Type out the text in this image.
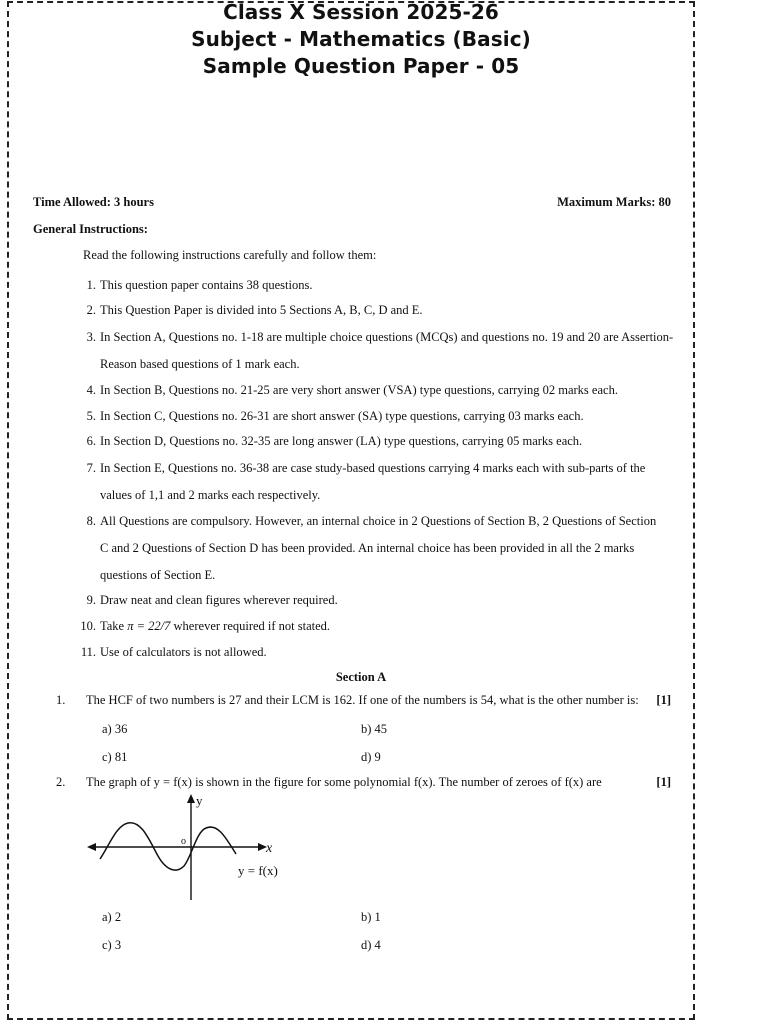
Class X Session 2025-26
Subject - Mathematics (Basic)
Sample Question Paper - 05
Time Allowed: 3 hours	Maximum Marks: 80
General Instructions:
Read the following instructions carefully and follow them:
1. This question paper contains 38 questions.
2. This Question Paper is divided into 5 Sections A, B, C, D and E.
3. In Section A, Questions no. 1-18 are multiple choice questions (MCQs) and questions no. 19 and 20 are Assertion-
Reason based questions of 1 mark each.
4. In Section B, Questions no. 21-25 are very short answer (VSA) type questions, carrying 02 marks each.
5. In Section C, Questions no. 26-31 are short answer (SA) type questions, carrying 03 marks each.
6. In Section D, Questions no. 32-35 are long answer (LA) type questions, carrying 05 marks each.
7. In Section E, Questions no. 36-38 are case study-based questions carrying 4 marks each with sub-parts of the
values of 1,1 and 2 marks each respectively.
8. All Questions are compulsory. However, an internal choice in 2 Questions of Section B, 2 Questions of Section
C and 2 Questions of Section D has been provided. An internal choice has been provided in all the 2 marks
questions of Section E.
9. Draw neat and clean figures wherever required.
10. Take π = 22/7 wherever required if not stated.
11. Use of calculators is not allowed.
Section A
1. The HCF of two numbers is 27 and their LCM is 162. If one of the numbers is 54, what is the other number is: [1]
a) 36	b) 45
c) 81	d) 9
2. The graph of y = f(x) is shown in the figure for some polynomial f(x). The number of zeroes of f(x) are	[1]
y
x
o
y = f(x)
a) 2	b) 1
c) 3	d) 4
